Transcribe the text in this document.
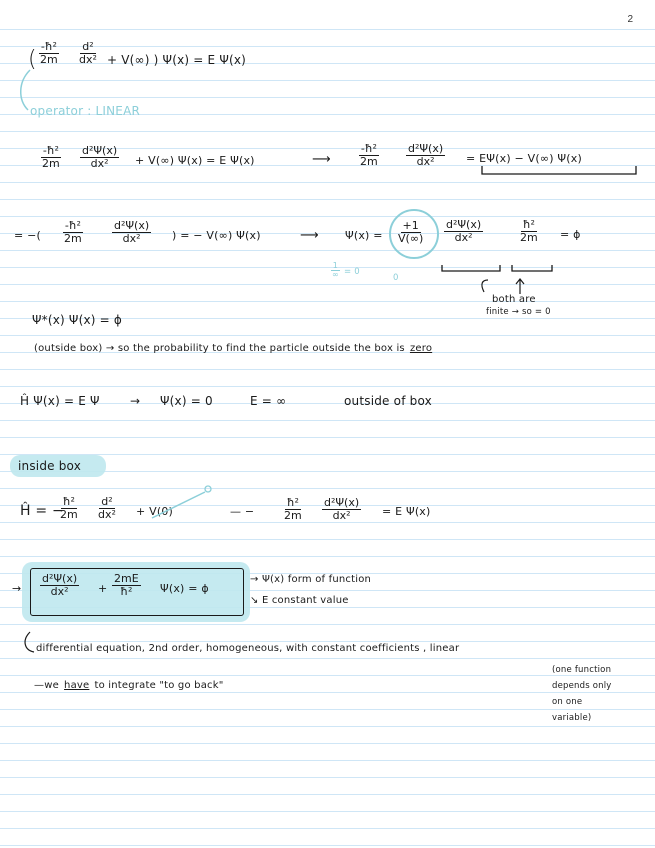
2
( $\frac{\text{-ħ²}}{2m} \frac{\text{d²}}{\text{dx²}} + V(\infty)$ ) Ψ(x) = E Ψ(x)
operator : LINEAR
$\frac{\text{-ħ²}}{2m} \frac{\text{d²Ψ(x)}}{\text{dx²}} + V(\infty) \Psi(x) = E$ Ψ(x)	⟶ $\frac{\text{-ħ²}}{2m} \frac{\text{d²Ψ(x)}}{\text{dx²}} = E\Psi(x) - V(\infty)$ Ψ(x)
= −( $\frac{\text{-ħ²}}{2m}$	$\frac{\text{d²Ψ(x)}}{\text{dx²}}$ ) = − V(∞) Ψ(x)	⟶ $\Psi(x) = \frac{+1}{V(\infty)} \frac{\text{d²Ψ(x)}}{\text{dx²}}$	$\frac{\text{ħ²}}{2m} = \phi$
1
∞ = 0
0
both are
finite → so = 0
Ψ*(x) Ψ(x) = ϕ
(outside box) → so the probability to find the particle outside the box is zero
Ĥ Ψ(x) = E Ψ	→ Ψ(x) = 0	E = ∞	outside of box
inside box
Ĥ = −
$\frac{\text{ħ²}}{2m} \frac{\text{d²}}{\text{dx²}} + V(0)$	— −	$\frac{\text{ħ²}}{2m} \frac{\text{d²Ψ(x)}}{\text{dx²}} = E$ Ψ(x)
→ $\frac{\text{d²Ψ(x)}}{\text{dx²}} + \frac{2mE}{\text{ħ²}} \Psi(x) = \phi$
→ Ψ(x) form of function
↘ E constant value
differential equation, 2nd order, homogeneous, with constant coefficients , linear
—we have to integrate "to go back"
(one function
depends only
on one
variable)
